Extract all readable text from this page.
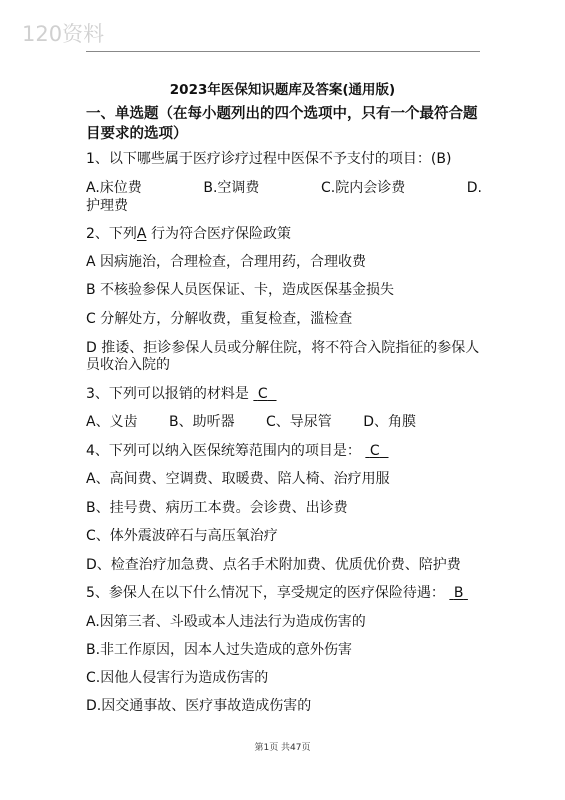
120资料
2023年医保知识题库及答案(通用版)
一、单选题（在每小题列出的四个选项中，只有一个最符合题目要求的选项）
1、以下哪些属于医疗诊疗过程中医保不予支付的项目：(B)
A.床位费	B.空调费	C.院内会诊费	D.
护理费
2、下列A 行为符合医疗保险政策
A 因病施治，合理检查，合理用药，合理收费
B 不核验参保人员医保证、卡，造成医保基金损失
C 分解处方，分解收费，重复检查，滥检查
D 推诿、拒诊参保人员或分解住院，将不符合入院指征的参保人员收治入院的
3、下列可以报销的材料是 C
A、义齿 B、助听器 C、导尿管 D、角膜
4、下列可以纳入医保统筹范围内的项目是： C
A、高间费、空调费、取暖费、陪人椅、治疗用服
B、挂号费、病历工本费。会诊费、出诊费
C、体外震波碎石与高压氧治疗
D、检查治疗加急费、点名手术附加费、优质优价费、陪护费
5、参保人在以下什么情况下，享受规定的医疗保险待遇： B
A.因第三者、斗殴或本人违法行为造成伤害的
B.非工作原因，因本人过失造成的意外伤害
C.因他人侵害行为造成伤害的
D.因交通事故、医疗事故造成伤害的
第1页 共47页
